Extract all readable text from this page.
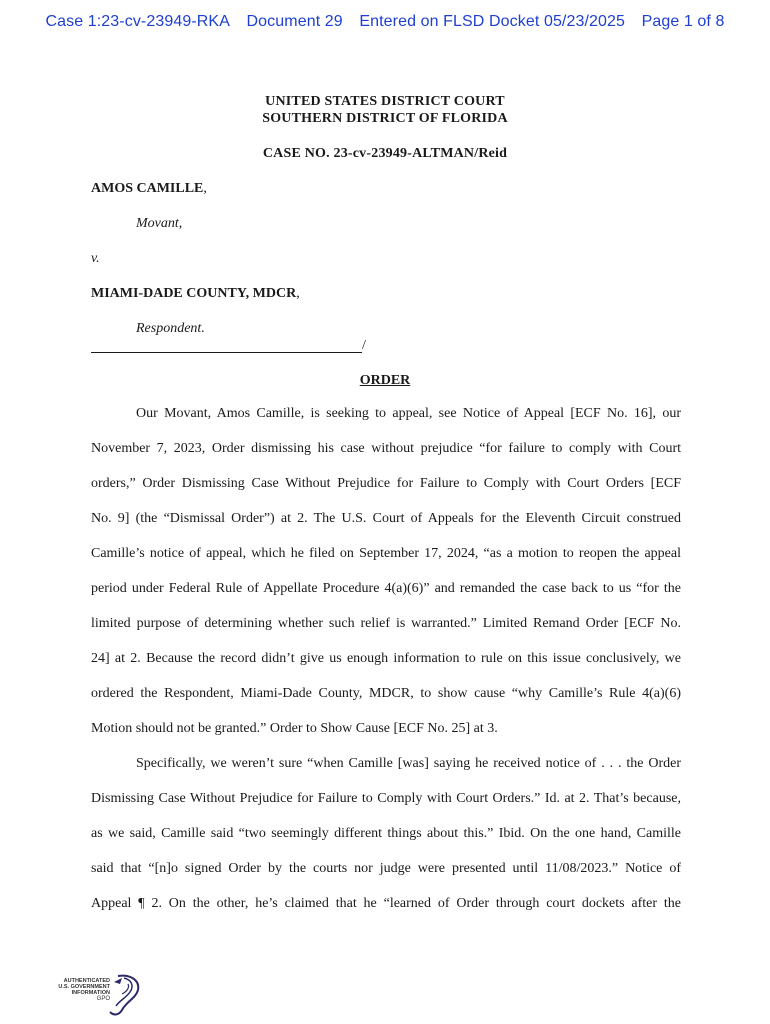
Case 1:23-cv-23949-RKA Document 29 Entered on FLSD Docket 05/23/2025 Page 1 of 8
UNITED STATES DISTRICT COURT
SOUTHERN DISTRICT OF FLORIDA
CASE NO. 23-cv-23949-ALTMAN/Reid
AMOS CAMILLE,
Movant,
v.
MIAMI-DADE COUNTY, MDCR,
Respondent.
/
ORDER
Our Movant, Amos Camille, is seeking to appeal, see Notice of Appeal [ECF No. 16], our
November 7, 2023, Order dismissing his case without prejudice “for failure to comply with Court
orders,” Order Dismissing Case Without Prejudice for Failure to Comply with Court Orders [ECF
No. 9] (the “Dismissal Order”) at 2. The U.S. Court of Appeals for the Eleventh Circuit construed
Camille’s notice of appeal, which he filed on September 17, 2024, “as a motion to reopen the appeal
period under Federal Rule of Appellate Procedure 4(a)(6)” and remanded the case back to us “for the
limited purpose of determining whether such relief is warranted.” Limited Remand Order [ECF No.
24] at 2. Because the record didn’t give us enough information to rule on this issue conclusively, we
ordered the Respondent, Miami-Dade County, MDCR, to show cause “why Camille’s Rule 4(a)(6)
Motion should not be granted.” Order to Show Cause [ECF No. 25] at 3.
Specifically, we weren’t sure “when Camille [was] saying he received notice of . . . the Order
Dismissing Case Without Prejudice for Failure to Comply with Court Orders.” Id. at 2. That’s because,
as we said, Camille said “two seemingly different things about this.” Ibid. On the one hand, Camille
said that “[n]o signed Order by the courts nor judge were presented until 11/08/2023.” Notice of
Appeal ¶ 2. On the other, he’s claimed that he “learned of Order through court dockets after the
AUTHENTICATED
U.S. GOVERNMENT
INFORMATION
GPO
